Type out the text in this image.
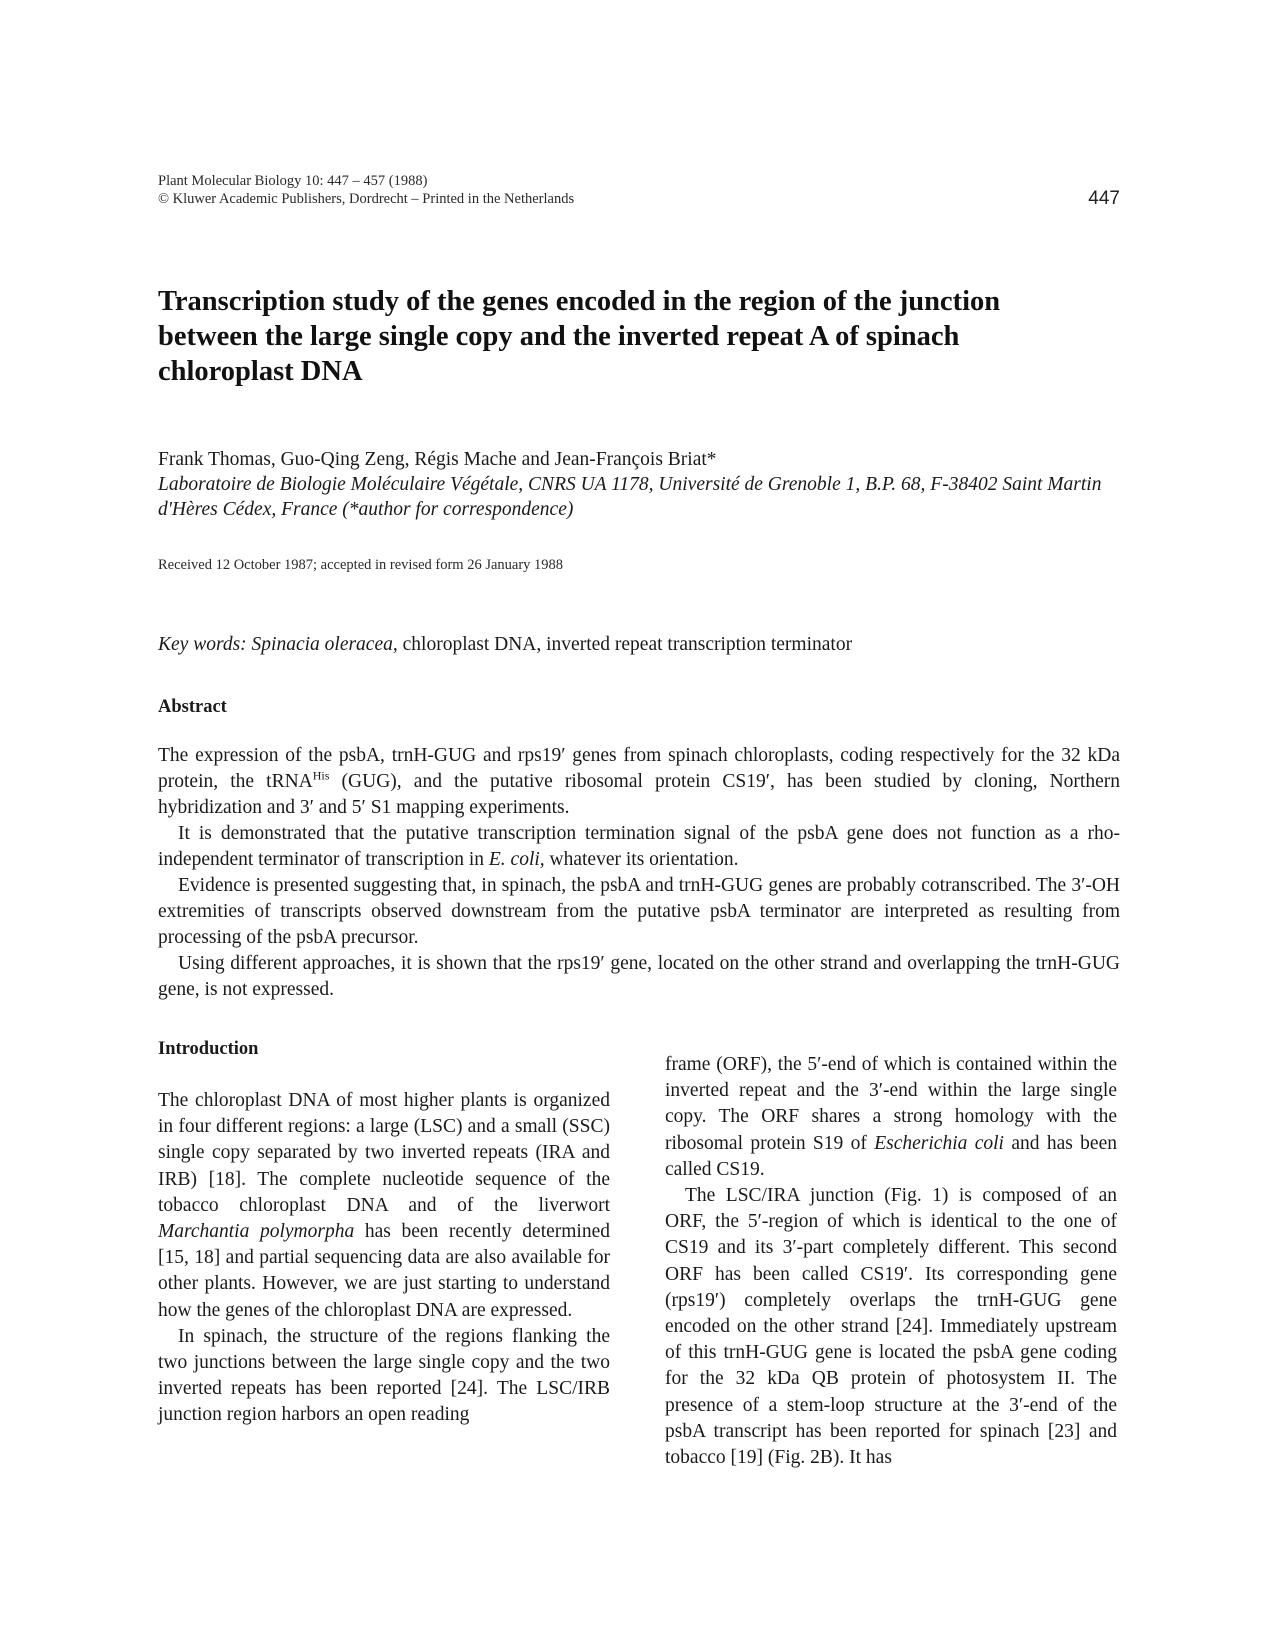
Plant Molecular Biology 10: 447 – 457 (1988)
© Kluwer Academic Publishers, Dordrecht – Printed in the Netherlands	447
Transcription study of the genes encoded in the region of the junction between the large single copy and the inverted repeat A of spinach chloroplast DNA

Frank Thomas, Guo-Qing Zeng, Régis Mache and Jean-François Briat*

Laboratoire de Biologie Moléculaire Végétale, CNRS UA 1178, Université de Grenoble 1, B.P. 68, F-38402 Saint Martin d'Hères Cédex, France (*author for correspondence)

Received 12 October 1987; accepted in revised form 26 January 1988
Key words: Spinacia oleracea, chloroplast DNA, inverted repeat transcription terminator
Abstract

The expression of the psbA, trnH-GUG and rps19′ genes from spinach chloroplasts, coding respectively for the 32 kDa protein, the tRNA$^{His}$ (GUG), and the putative ribosomal protein CS19′, has been studied by cloning, Northern hybridization and 3′ and 5′ S1 mapping experiments.

It is demonstrated that the putative transcription termination signal of the psbA gene does not function as a rho-independent terminator of transcription in E. coli, whatever its orientation.

Evidence is presented suggesting that, in spinach, the psbA and trnH-GUG genes are probably cotranscribed. The 3′-OH extremities of transcripts observed downstream from the putative psbA terminator are interpreted as resulting from processing of the psbA precursor.

Using different approaches, it is shown that the rps19′ gene, located on the other strand and overlapping the trnH-GUG gene, is not expressed.

Introduction

The chloroplast DNA of most higher plants is organized in four different regions: a large (LSC) and a small (SSC) single copy separated by two inverted repeats (IRA and IRB) [18]. The complete nucleotide sequence of the tobacco chloroplast DNA and of the liverwort Marchantia polymorpha has been recently determined [15, 18] and partial sequencing data are also available for other plants. However, we are just starting to understand how the genes of the chloroplast DNA are expressed.

In spinach, the structure of the regions flanking the two junctions between the large single copy and the two inverted repeats has been reported [24]. The LSC/IRB junction region harbors an open reading

frame (ORF), the 5′-end of which is contained within the inverted repeat and the 3′-end within the large single copy. The ORF shares a strong homology with the ribosomal protein S19 of Escherichia coli and has been called CS19.

The LSC/IRA junction (Fig. 1) is composed of an ORF, the 5′-region of which is identical to the one of CS19 and its 3′-part completely different. This second ORF has been called CS19′. Its corresponding gene (rps19′) completely overlaps the trnH-GUG gene encoded on the other strand [24]. Immediately upstream of this trnH-GUG gene is located the psbA gene coding for the 32 kDa QB protein of photosystem II. The presence of a stem-loop structure at the 3′-end of the psbA transcript has been reported for spinach [23] and tobacco [19] (Fig. 2B). It has
